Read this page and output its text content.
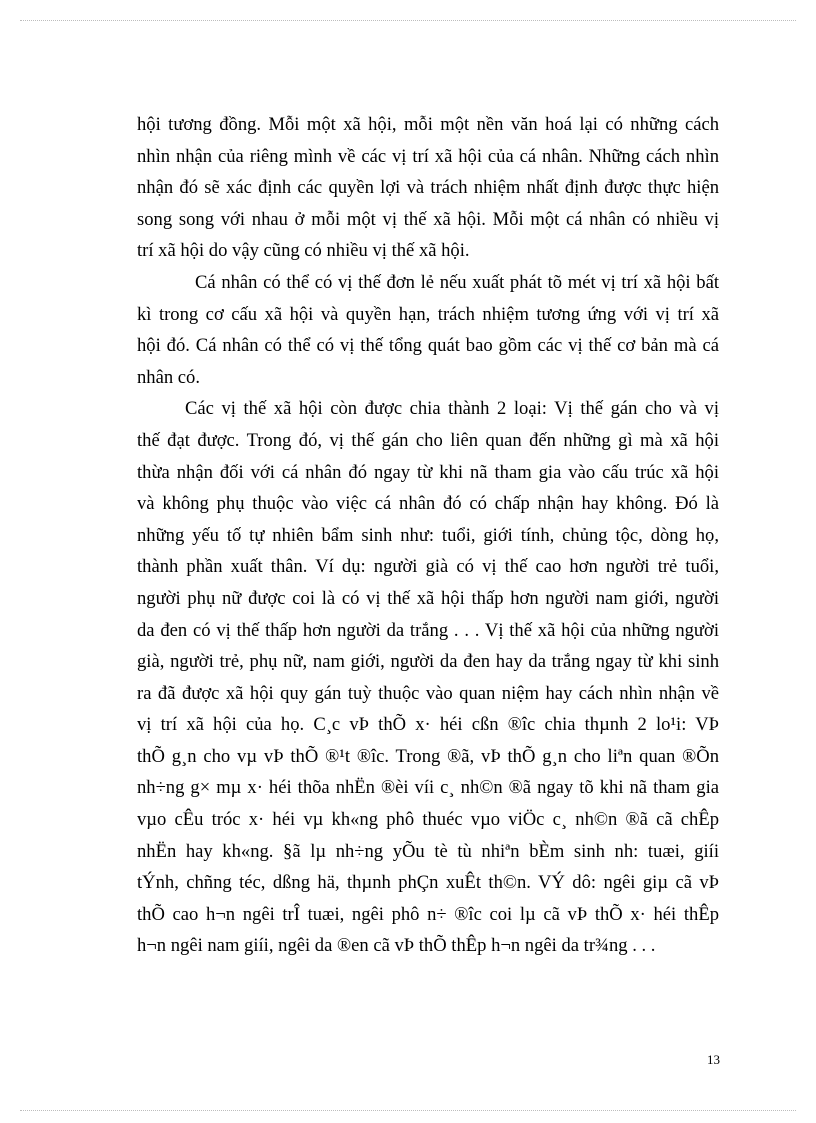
hội tương đồng. Mỗi một xã hội, mỗi một nền văn hoá lại có những cách
nhìn nhận của riêng mình về các vị trí xã hội của cá nhân. Những cách nhìn
nhận đó sẽ xác định các quyền lợi và trách nhiệm nhất định được thực hiện
song song với nhau ở mỗi một vị thế xã hội. Mỗi một cá nhân có nhiều vị
trí xã hội do vậy cũng có nhiều vị thế xã hội.
Cá nhân có thể có vị thế đơn lẻ nếu xuất phát tõ mét vị trí xã hội bất
kì trong cơ cấu xã hội và quyền hạn, trách nhiệm tương ứng với vị trí xã
hội đó. Cá nhân có thể có vị thế tổng quát bao gồm các vị thế cơ bản mà cá
nhân có.
Các vị thế xã hội còn được chia thành 2 loại: Vị thế gán cho và vị
thế đạt được. Trong đó, vị thế gán cho liên quan đến những gì mà xã hội
thừa nhận đối với cá nhân đó ngay từ khi nã tham gia vào cấu trúc xã hội
và không phụ thuộc vào việc cá nhân đó có chấp nhận hay không. Đó là
những yếu tố tự nhiên bẩm sinh như: tuổi, giới tính, chủng tộc, dòng họ,
thành phần xuất thân. Ví dụ: người già có vị thế cao hơn người trẻ tuổi,
người phụ nữ được coi là có vị thế xã hội thấp hơn người nam giới, người
da đen có vị thế thấp hơn người da trắng . . . Vị thế xã hội của những người
già, người trẻ, phụ nữ, nam giới, người da đen hay da trắng ngay từ khi sinh
ra đã được xã hội quy gán tuỳ thuộc vào quan niệm hay cách nhìn nhận về
vị trí xã hội của họ. C¸c vÞ thÕ x· héi cßn ®îc chia thµnh 2 lo¹i: VÞ
thÕ g¸n cho vµ vÞ thÕ ®¹t ®îc. Trong ®ã, vÞ thÕ g¸n cho liªn quan ®Õn
nh÷ng g× mµ x· héi thõa nhËn ®èi víi c¸ nh©n ®ã ngay tõ khi nã tham gia
vµo cÊu tróc x· héi vµ kh«ng phô thuéc vµo viÖc c¸ nh©n ®ã cã chÊp
nhËn hay kh«ng. §ã lµ nh÷ng yÕu tè tù nhiªn bÈm sinh nh: tuæi, giíi
tÝnh, chñng téc, dßng hä, thµnh phÇn xuÊt th©n. VÝ dô: ngêi giµ cã vÞ
thÕ cao h¬n ngêi trÎ tuæi, ngêi phô n÷ ®îc coi lµ cã vÞ thÕ x· héi thÊp
h¬n ngêi nam giíi, ngêi da ®en cã vÞ thÕ thÊp h¬n ngêi da tr¾ng . . .
13
